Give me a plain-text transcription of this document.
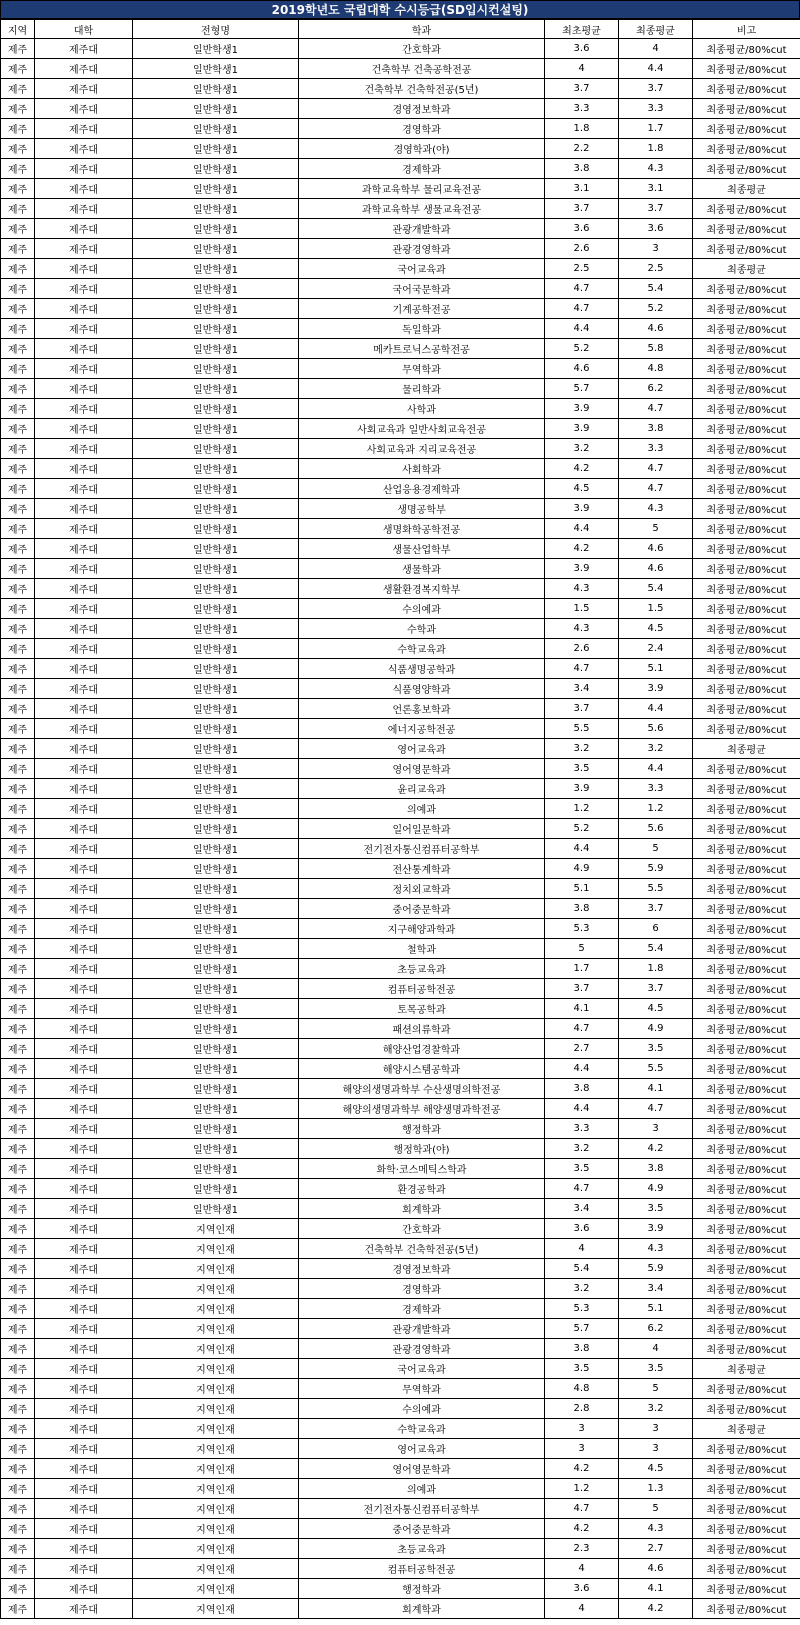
2019학년도 국립대학 수시등급(SD입시컨설팅)
지역	대학	전형명	학과	최초평균	최종평균	비고
제주	제주대	일반학생1	간호학과	3.6	4	최종평균/80%cut
제주	제주대	일반학생1	건축학부 건축공학전공	4	4.4	최종평균/80%cut
제주	제주대	일반학생1	건축학부 건축학전공(5년)	3.7	3.7	최종평균/80%cut
제주	제주대	일반학생1	경영정보학과	3.3	3.3	최종평균/80%cut
제주	제주대	일반학생1	경영학과	1.8	1.7	최종평균/80%cut
제주	제주대	일반학생1	경영학과(야)	2.2	1.8	최종평균/80%cut
제주	제주대	일반학생1	경제학과	3.8	4.3	최종평균/80%cut
제주	제주대	일반학생1	과학교육학부 물리교육전공	3.1	3.1	최종평균
제주	제주대	일반학생1	과학교육학부 생물교육전공	3.7	3.7	최종평균/80%cut
제주	제주대	일반학생1	관광개발학과	3.6	3.6	최종평균/80%cut
제주	제주대	일반학생1	관광경영학과	2.6	3	최종평균/80%cut
제주	제주대	일반학생1	국어교육과	2.5	2.5	최종평균
제주	제주대	일반학생1	국어국문학과	4.7	5.4	최종평균/80%cut
제주	제주대	일반학생1	기계공학전공	4.7	5.2	최종평균/80%cut
제주	제주대	일반학생1	독일학과	4.4	4.6	최종평균/80%cut
제주	제주대	일반학생1	메카트로닉스공학전공	5.2	5.8	최종평균/80%cut
제주	제주대	일반학생1	무역학과	4.6	4.8	최종평균/80%cut
제주	제주대	일반학생1	물리학과	5.7	6.2	최종평균/80%cut
제주	제주대	일반학생1	사학과	3.9	4.7	최종평균/80%cut
제주	제주대	일반학생1	사회교육과 일반사회교육전공	3.9	3.8	최종평균/80%cut
제주	제주대	일반학생1	사회교육과 지리교육전공	3.2	3.3	최종평균/80%cut
제주	제주대	일반학생1	사회학과	4.2	4.7	최종평균/80%cut
제주	제주대	일반학생1	산업응용경제학과	4.5	4.7	최종평균/80%cut
제주	제주대	일반학생1	생명공학부	3.9	4.3	최종평균/80%cut
제주	제주대	일반학생1	생명화학공학전공	4.4	5	최종평균/80%cut
제주	제주대	일반학생1	생물산업학부	4.2	4.6	최종평균/80%cut
제주	제주대	일반학생1	생물학과	3.9	4.6	최종평균/80%cut
제주	제주대	일반학생1	생활환경복지학부	4.3	5.4	최종평균/80%cut
제주	제주대	일반학생1	수의예과	1.5	1.5	최종평균/80%cut
제주	제주대	일반학생1	수학과	4.3	4.5	최종평균/80%cut
제주	제주대	일반학생1	수학교육과	2.6	2.4	최종평균/80%cut
제주	제주대	일반학생1	식품생명공학과	4.7	5.1	최종평균/80%cut
제주	제주대	일반학생1	식품영양학과	3.4	3.9	최종평균/80%cut
제주	제주대	일반학생1	언론홍보학과	3.7	4.4	최종평균/80%cut
제주	제주대	일반학생1	에너지공학전공	5.5	5.6	최종평균/80%cut
제주	제주대	일반학생1	영어교육과	3.2	3.2	최종평균
제주	제주대	일반학생1	영어영문학과	3.5	4.4	최종평균/80%cut
제주	제주대	일반학생1	윤리교육과	3.9	3.3	최종평균/80%cut
제주	제주대	일반학생1	의예과	1.2	1.2	최종평균/80%cut
제주	제주대	일반학생1	일어일문학과	5.2	5.6	최종평균/80%cut
제주	제주대	일반학생1	전기전자통신컴퓨터공학부	4.4	5	최종평균/80%cut
제주	제주대	일반학생1	전산통계학과	4.9	5.9	최종평균/80%cut
제주	제주대	일반학생1	정치외교학과	5.1	5.5	최종평균/80%cut
제주	제주대	일반학생1	중어중문학과	3.8	3.7	최종평균/80%cut
제주	제주대	일반학생1	지구해양과학과	5.3	6	최종평균/80%cut
제주	제주대	일반학생1	철학과	5	5.4	최종평균/80%cut
제주	제주대	일반학생1	초등교육과	1.7	1.8	최종평균/80%cut
제주	제주대	일반학생1	컴퓨터공학전공	3.7	3.7	최종평균/80%cut
제주	제주대	일반학생1	토목공학과	4.1	4.5	최종평균/80%cut
제주	제주대	일반학생1	패션의류학과	4.7	4.9	최종평균/80%cut
제주	제주대	일반학생1	해양산업경찰학과	2.7	3.5	최종평균/80%cut
제주	제주대	일반학생1	해양시스템공학과	4.4	5.5	최종평균/80%cut
제주	제주대	일반학생1	해양의생명과학부 수산생명의학전공	3.8	4.1	최종평균/80%cut
제주	제주대	일반학생1	해양의생명과학부 해양생명과학전공	4.4	4.7	최종평균/80%cut
제주	제주대	일반학생1	행정학과	3.3	3	최종평균/80%cut
제주	제주대	일반학생1	행정학과(야)	3.2	4.2	최종평균/80%cut
제주	제주대	일반학생1	화학·코스메틱스학과	3.5	3.8	최종평균/80%cut
제주	제주대	일반학생1	환경공학과	4.7	4.9	최종평균/80%cut
제주	제주대	일반학생1	회계학과	3.4	3.5	최종평균/80%cut
제주	제주대	지역인재	간호학과	3.6	3.9	최종평균/80%cut
제주	제주대	지역인재	건축학부 건축학전공(5년)	4	4.3	최종평균/80%cut
제주	제주대	지역인재	경영정보학과	5.4	5.9	최종평균/80%cut
제주	제주대	지역인재	경영학과	3.2	3.4	최종평균/80%cut
제주	제주대	지역인재	경제학과	5.3	5.1	최종평균/80%cut
제주	제주대	지역인재	관광개발학과	5.7	6.2	최종평균/80%cut
제주	제주대	지역인재	관광경영학과	3.8	4	최종평균/80%cut
제주	제주대	지역인재	국어교육과	3.5	3.5	최종평균
제주	제주대	지역인재	무역학과	4.8	5	최종평균/80%cut
제주	제주대	지역인재	수의예과	2.8	3.2	최종평균/80%cut
제주	제주대	지역인재	수학교육과	3	3	최종평균
제주	제주대	지역인재	영어교육과	3	3	최종평균/80%cut
제주	제주대	지역인재	영어영문학과	4.2	4.5	최종평균/80%cut
제주	제주대	지역인재	의예과	1.2	1.3	최종평균/80%cut
제주	제주대	지역인재	전기전자통신컴퓨터공학부	4.7	5	최종평균/80%cut
제주	제주대	지역인재	중어중문학과	4.2	4.3	최종평균/80%cut
제주	제주대	지역인재	초등교육과	2.3	2.7	최종평균/80%cut
제주	제주대	지역인재	컴퓨터공학전공	4	4.6	최종평균/80%cut
제주	제주대	지역인재	행정학과	3.6	4.1	최종평균/80%cut
제주	제주대	지역인재	회계학과	4	4.2	최종평균/80%cut
